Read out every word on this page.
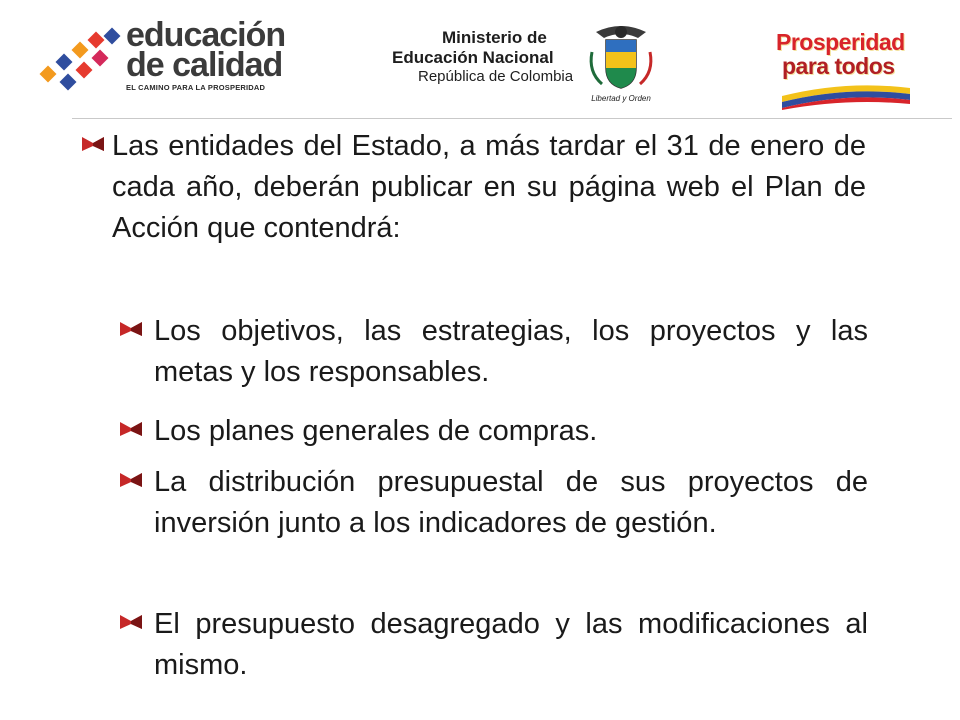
educación
de calidad
EL CAMINO PARA LA PROSPERIDAD
Ministerio de
Educación Nacional
República de Colombia
Libertad y Orden
Prosperidad
para todos
Las entidades del Estado, a más tardar el 31 de enero de cada año, deberán publicar en su página web el Plan de Acción que contendrá:
Los objetivos, las estrategias, los proyectos y las metas y los responsables.
Los planes generales de compras.
La distribución presupuestal de sus proyectos de inversión junto a los indicadores de gestión.
El presupuesto desagregado y las modificaciones al mismo.
